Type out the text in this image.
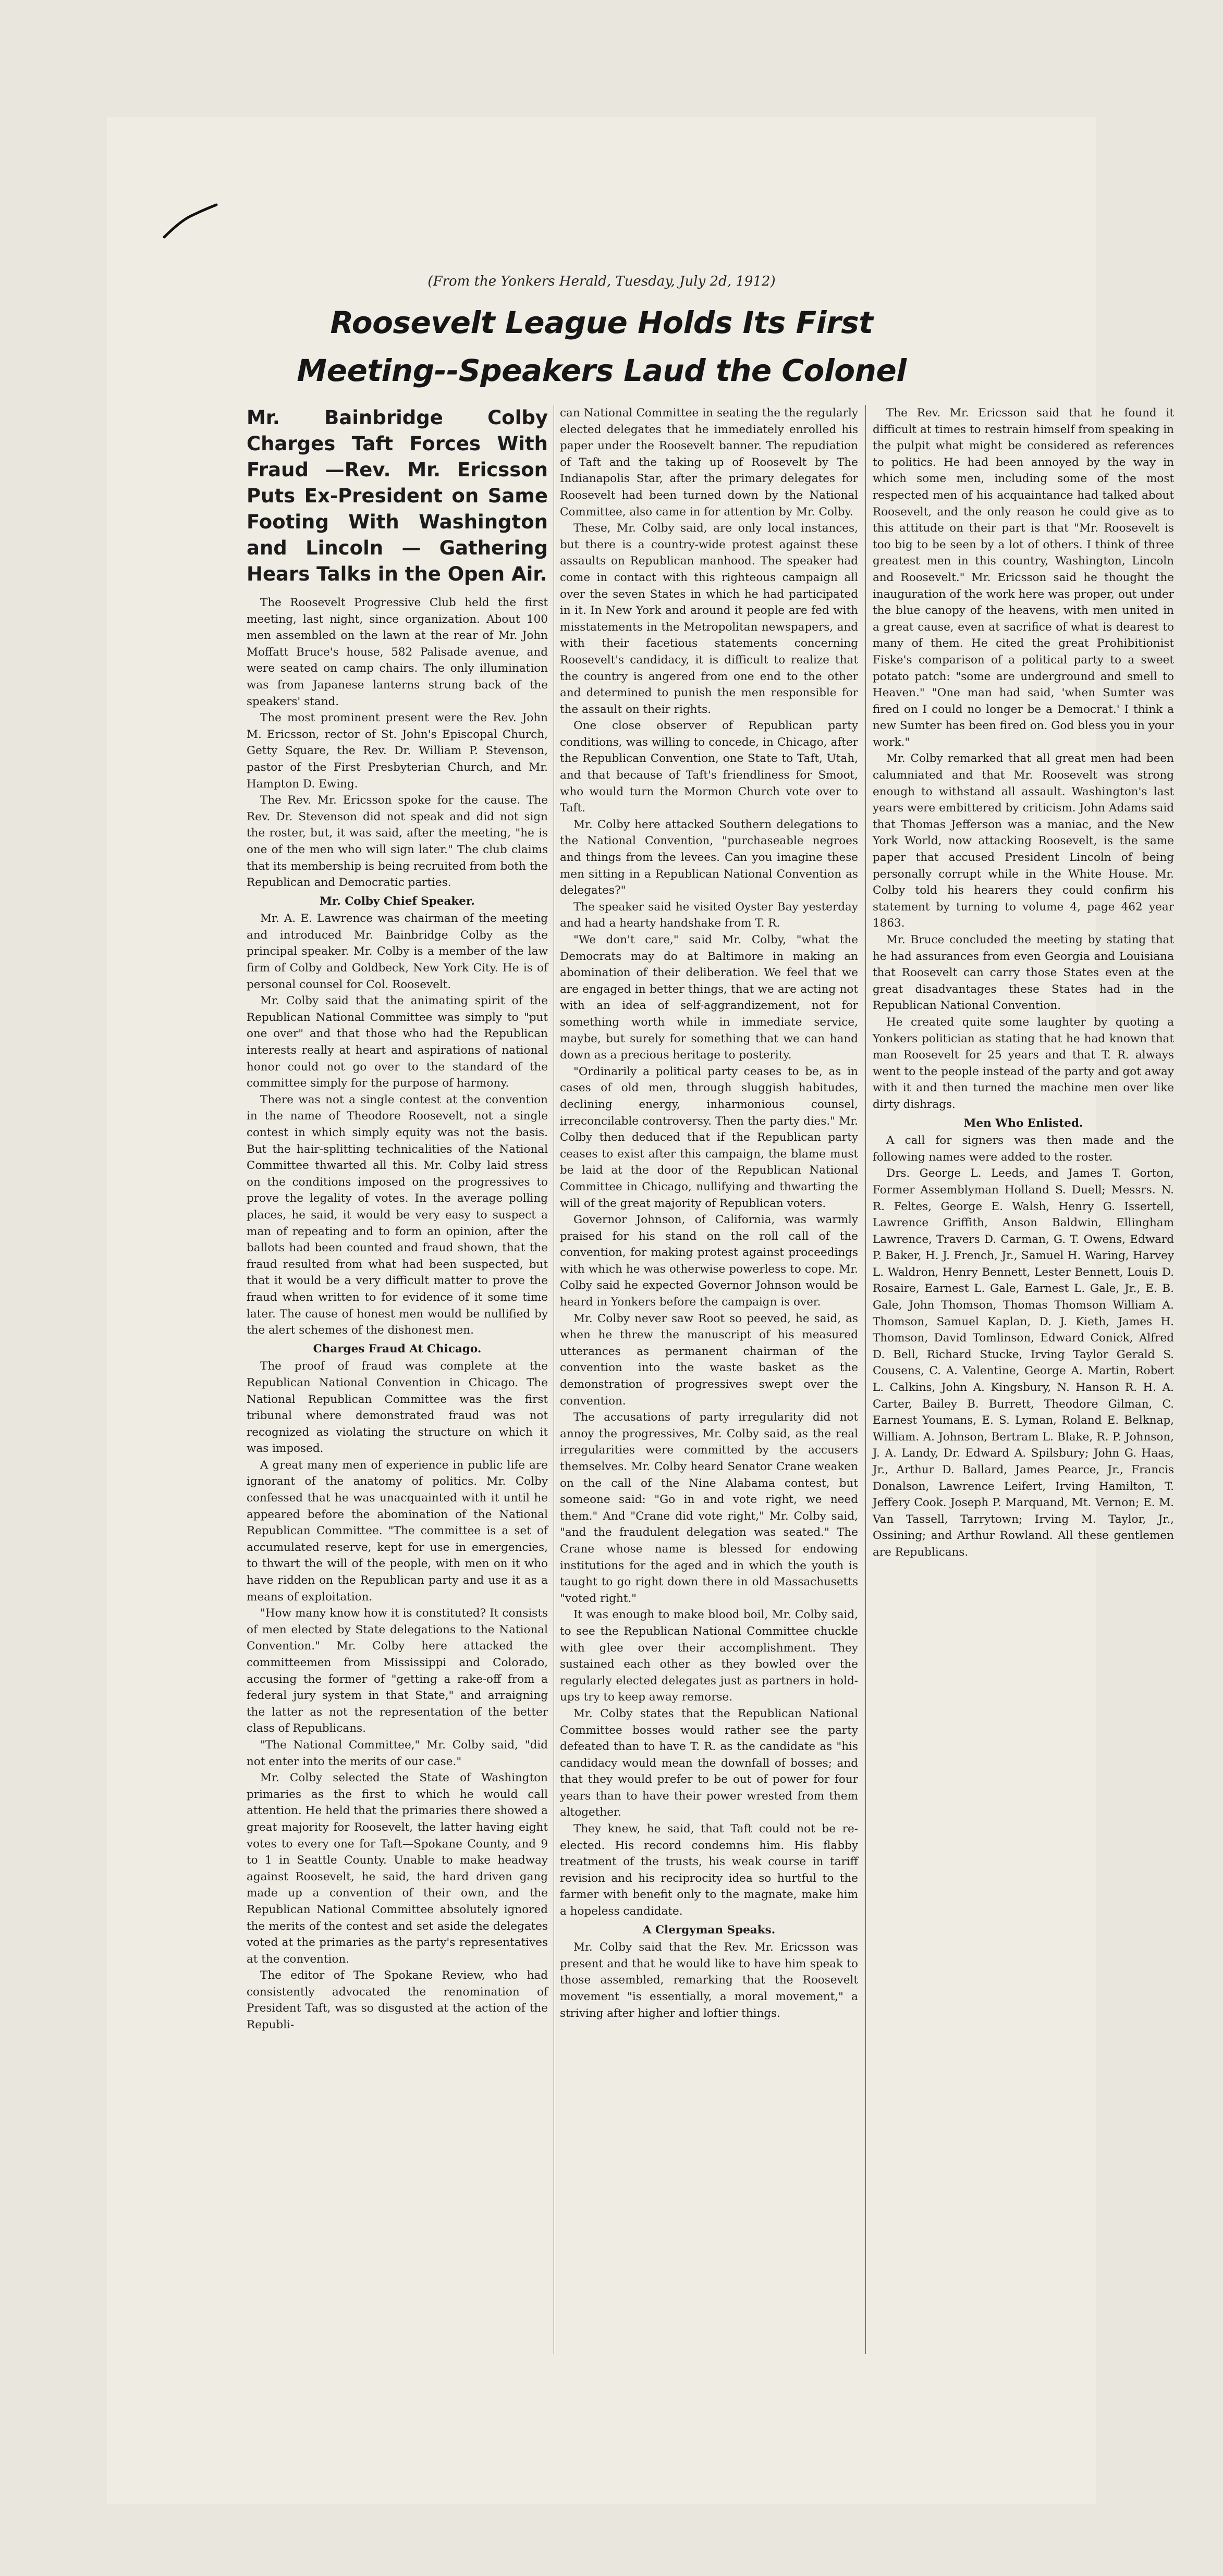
(From the Yonkers Herald, Tuesday, July 2d, 1912)
Roosevelt League Holds Its First
Meeting--Speakers Laud the Colonel
Mr. Bainbridge Colby Charges Taft Forces With Fraud —Rev. Mr. Ericsson Puts Ex-President on Same Footing With Washington and Lincoln — Gathering Hears Talks in the Open Air.

The Roosevelt Progressive Club held the first meeting, last night, since organization. About 100 men assembled on the lawn at the rear of Mr. John Moffatt Bruce's house, 582 Palisade avenue, and were seated on camp chairs. The only illumination was from Japanese lanterns strung back of the speakers' stand.

The most prominent present were the Rev. John M. Ericsson, rector of St. John's Episcopal Church, Getty Square, the Rev. Dr. William P. Stevenson, pastor of the First Presbyterian Church, and Mr. Hampton D. Ewing.

The Rev. Mr. Ericsson spoke for the cause. The Rev. Dr. Stevenson did not speak and did not sign the roster, but, it was said, after the meeting, "he is one of the men who will sign later." The club claims that its membership is being recruited from both the Republican and Democratic parties.

Mr. Colby Chief Speaker.

Mr. A. E. Lawrence was chairman of the meeting and introduced Mr. Bainbridge Colby as the principal speaker. Mr. Colby is a member of the law firm of Colby and Goldbeck, New York City. He is of personal counsel for Col. Roosevelt.

Mr. Colby said that the animating spirit of the Republican National Committee was simply to "put one over" and that those who had the Republican interests really at heart and aspirations of national honor could not go over to the standard of the committee simply for the purpose of harmony.

There was not a single contest at the convention in the name of Theodore Roosevelt, not a single contest in which simply equity was not the basis. But the hair-splitting technicalities of the National Committee thwarted all this. Mr. Colby laid stress on the conditions imposed on the progressives to prove the legality of votes. In the average polling places, he said, it would be very easy to suspect a man of repeating and to form an opinion, after the ballots had been counted and fraud shown, that the fraud resulted from what had been suspected, but that it would be a very difficult matter to prove the fraud when written to for evidence of it some time later. The cause of honest men would be nullified by the alert schemes of the dishonest men.

Charges Fraud At Chicago.

The proof of fraud was complete at the Republican National Convention in Chicago. The National Republican Committee was the first tribunal where demonstrated fraud was not recognized as violating the structure on which it was imposed.

A great many men of experience in public life are ignorant of the anatomy of politics. Mr. Colby confessed that he was unacquainted with it until he appeared before the abomination of the National Republican Committee. "The committee is a set of accumulated reserve, kept for use in emergencies, to thwart the will of the people, with men on it who have ridden on the Republican party and use it as a means of exploitation.

"How many know how it is constituted? It consists of men elected by State delegations to the National Convention." Mr. Colby here attacked the committeemen from Mississippi and Colorado, accusing the former of "getting a rake-off from a federal jury system in that State," and arraigning the latter as not the representation of the better class of Republicans.

"The National Committee," Mr. Colby said, "did not enter into the merits of our case."

Mr. Colby selected the State of Washington primaries as the first to which he would call attention. He held that the primaries there showed a great majority for Roosevelt, the latter having eight votes to every one for Taft—Spokane County, and 9 to 1 in Seattle County. Unable to make headway against Roosevelt, he said, the hard driven gang made up a convention of their own, and the Republican National Committee absolutely ignored the merits of the contest and set aside the delegates voted at the primaries as the party's representatives at the convention.

The editor of The Spokane Review, who had consistently advocated the renomination of President Taft, was so disgusted at the action of the Republi-

can National Committee in seating the the regularly elected delegates that he immediately enrolled his paper under the Roosevelt banner. The repudiation of Taft and the taking up of Roosevelt by The Indianapolis Star, after the primary delegates for Roosevelt had been turned down by the National Committee, also came in for attention by Mr. Colby.

These, Mr. Colby said, are only local instances, but there is a country-wide protest against these assaults on Republican manhood. The speaker had come in contact with this righteous campaign all over the seven States in which he had participated in it. In New York and around it people are fed with misstatements in the Metropolitan newspapers, and with their facetious statements concerning Roosevelt's candidacy, it is difficult to realize that the country is angered from one end to the other and determined to punish the men responsible for the assault on their rights.

One close observer of Republican party conditions, was willing to concede, in Chicago, after the Republican Convention, one State to Taft, Utah, and that because of Taft's friendliness for Smoot, who would turn the Mormon Church vote over to Taft.

Mr. Colby here attacked Southern delegations to the National Convention, "purchaseable negroes and things from the levees. Can you imagine these men sitting in a Republican National Convention as delegates?"

The speaker said he visited Oyster Bay yesterday and had a hearty handshake from T. R.

"We don't care," said Mr. Colby, "what the Democrats may do at Baltimore in making an abomination of their deliberation. We feel that we are engaged in better things, that we are acting not with an idea of self-aggrandizement, not for something worth while in immediate service, maybe, but surely for something that we can hand down as a precious heritage to posterity.

"Ordinarily a political party ceases to be, as in cases of old men, through sluggish habitudes, declining energy, inharmonious counsel, irreconcilable controversy. Then the party dies." Mr. Colby then deduced that if the Republican party ceases to exist after this campaign, the blame must be laid at the door of the Republican National Committee in Chicago, nullifying and thwarting the will of the great majority of Republican voters.

Governor Johnson, of California, was warmly praised for his stand on the roll call of the convention, for making protest against proceedings with which he was otherwise powerless to cope. Mr. Colby said he expected Governor Johnson would be heard in Yonkers before the campaign is over.

Mr. Colby never saw Root so peeved, he said, as when he threw the manuscript of his measured utterances as permanent chairman of the convention into the waste basket as the demonstration of progressives swept over the convention.

The accusations of party irregularity did not annoy the progressives, Mr. Colby said, as the real irregularities were committed by the accusers themselves. Mr. Colby heard Senator Crane weaken on the call of the Nine Alabama contest, but someone said: "Go in and vote right, we need them." And "Crane did vote right," Mr. Colby said, "and the fraudulent delegation was seated." The Crane whose name is blessed for endowing institutions for the aged and in which the youth is taught to go right down there in old Massachusetts "voted right."

It was enough to make blood boil, Mr. Colby said, to see the Republican National Committee chuckle with glee over their accomplishment. They sustained each other as they bowled over the regularly elected delegates just as partners in hold-ups try to keep away remorse.

Mr. Colby states that the Republican National Committee bosses would rather see the party defeated than to have T. R. as the candidate as "his candidacy would mean the downfall of bosses; and that they would prefer to be out of power for four years than to have their power wrested from them altogether.

They knew, he said, that Taft could not be re-elected. His record condemns him. His flabby treatment of the trusts, his weak course in tariff revision and his reciprocity idea so hurtful to the farmer with benefit only to the magnate, make him a hopeless candidate.

A Clergyman Speaks.

Mr. Colby said that the Rev. Mr. Ericsson was present and that he would like to have him speak to those assembled, remarking that the Roosevelt movement "is essentially, a moral movement," a striving after higher and loftier things.

The Rev. Mr. Ericsson said that he found it difficult at times to restrain himself from speaking in the pulpit what might be considered as references to politics. He had been annoyed by the way in which some men, including some of the most respected men of his acquaintance had talked about Roosevelt, and the only reason he could give as to this attitude on their part is that "Mr. Roosevelt is too big to be seen by a lot of others. I think of three greatest men in this country, Washington, Lincoln and Roosevelt." Mr. Ericsson said he thought the inauguration of the work here was proper, out under the blue canopy of the heavens, with men united in a great cause, even at sacrifice of what is dearest to many of them. He cited the great Prohibitionist Fiske's comparison of a political party to a sweet potato patch: "some are underground and smell to Heaven." "One man had said, 'when Sumter was fired on I could no longer be a Democrat.' I think a new Sumter has been fired on. God bless you in your work."

Mr. Colby remarked that all great men had been calumniated and that Mr. Roosevelt was strong enough to withstand all assault. Washington's last years were embittered by criticism. John Adams said that Thomas Jefferson was a maniac, and the New York World, now attacking Roosevelt, is the same paper that accused President Lincoln of being personally corrupt while in the White House. Mr. Colby told his hearers they could confirm his statement by turning to volume 4, page 462 year 1863.

Mr. Bruce concluded the meeting by stating that he had assurances from even Georgia and Louisiana that Roosevelt can carry those States even at the great disadvantages these States had in the Republican National Convention.

He created quite some laughter by quoting a Yonkers politician as stating that he had known that man Roosevelt for 25 years and that T. R. always went to the people instead of the party and got away with it and then turned the machine men over like dirty dishrags.

Men Who Enlisted.

A call for signers was then made and the following names were added to the roster.

Drs. George L. Leeds, and James T. Gorton, Former Assemblyman Holland S. Duell; Messrs. N. R. Feltes, George E. Walsh, Henry G. Issertell, Lawrence Griffith, Anson Baldwin, Ellingham Lawrence, Travers D. Carman, G. T. Owens, Edward P. Baker, H. J. French, Jr., Samuel H. Waring, Harvey L. Waldron, Henry Bennett, Lester Bennett, Louis D. Rosaire, Earnest L. Gale, Earnest L. Gale, Jr., E. B. Gale, John Thomson, Thomas Thomson William A. Thomson, Samuel Kaplan, D. J. Kieth, James H. Thomson, David Tomlinson, Edward Conick, Alfred D. Bell, Richard Stucke, Irving Taylor Gerald S. Cousens, C. A. Valentine, George A. Martin, Robert L. Calkins, John A. Kingsbury, N. Hanson R. H. A. Carter, Bailey B. Burrett, Theodore Gilman, C. Earnest Youmans, E. S. Lyman, Roland E. Belknap, William. A. Johnson, Bertram L. Blake, R. P. Johnson, J. A. Landy, Dr. Edward A. Spilsbury; John G. Haas, Jr., Arthur D. Ballard, James Pearce, Jr., Francis Donalson, Lawrence Leifert, Irving Hamilton, T. Jeffery Cook. Joseph P. Marquand, Mt. Vernon; E. M. Van Tassell, Tarrytown; Irving M. Taylor, Jr., Ossining; and Arthur Rowland. All these gentlemen are Republicans.
